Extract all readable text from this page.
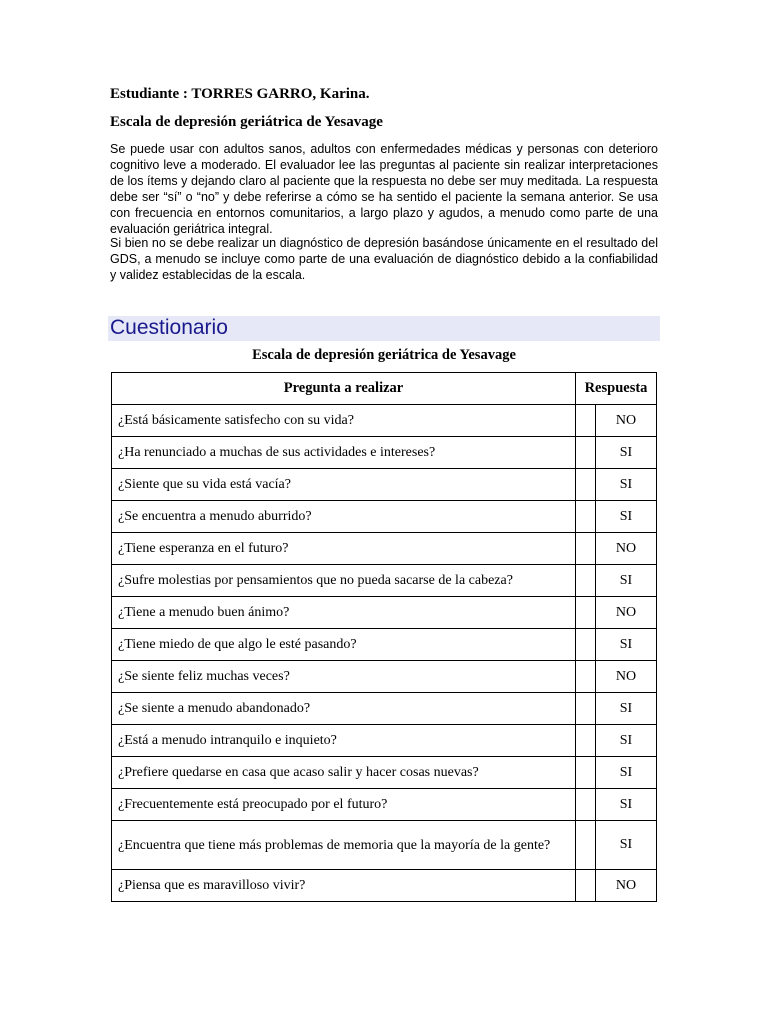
Estudiante : TORRES GARRO, Karina.
Escala de depresión geriátrica de Yesavage

Se puede usar con adultos sanos, adultos con enfermedades médicas y personas con deterioro cognitivo leve a moderado. El evaluador lee las preguntas al paciente sin realizar interpretaciones de los ítems y dejando claro al paciente que la respuesta no debe ser muy meditada. La respuesta debe ser “sí” o “no” y debe referirse a cómo se ha sentido el paciente la semana anterior. Se usa con frecuencia en entornos comunitarios, a largo plazo y agudos, a menudo como parte de una evaluación geriátrica integral.

Si bien no se debe realizar un diagnóstico de depresión basándose únicamente en el resultado del GDS, a menudo se incluye como parte de una evaluación de diagnóstico debido a la confiabilidad y validez establecidas de la escala.

Cuestionario
Escala de depresión geriátrica de Yesavage
Pregunta a realizar	Respuesta	
¿Está básicamente satisfecho con su vida?		NO
¿Ha renunciado a muchas de sus actividades e intereses?		SI
¿Siente que su vida está vacía?		SI
¿Se encuentra a menudo aburrido?		SI
¿Tiene esperanza en el futuro?		NO
¿Sufre molestias por pensamientos que no pueda sacarse de la cabeza?		SI
¿Tiene a menudo buen ánimo?		NO
¿Tiene miedo de que algo le esté pasando?		SI
¿Se siente feliz muchas veces?		NO
¿Se siente a menudo abandonado?		SI
¿Está a menudo intranquilo e inquieto?		SI
¿Prefiere quedarse en casa que acaso salir y hacer cosas nuevas?		SI
¿Frecuentemente está preocupado por el futuro?		SI
¿Encuentra que tiene más problemas de memoria que la mayoría de la gente?		SI
¿Piensa que es maravilloso vivir?		NO
